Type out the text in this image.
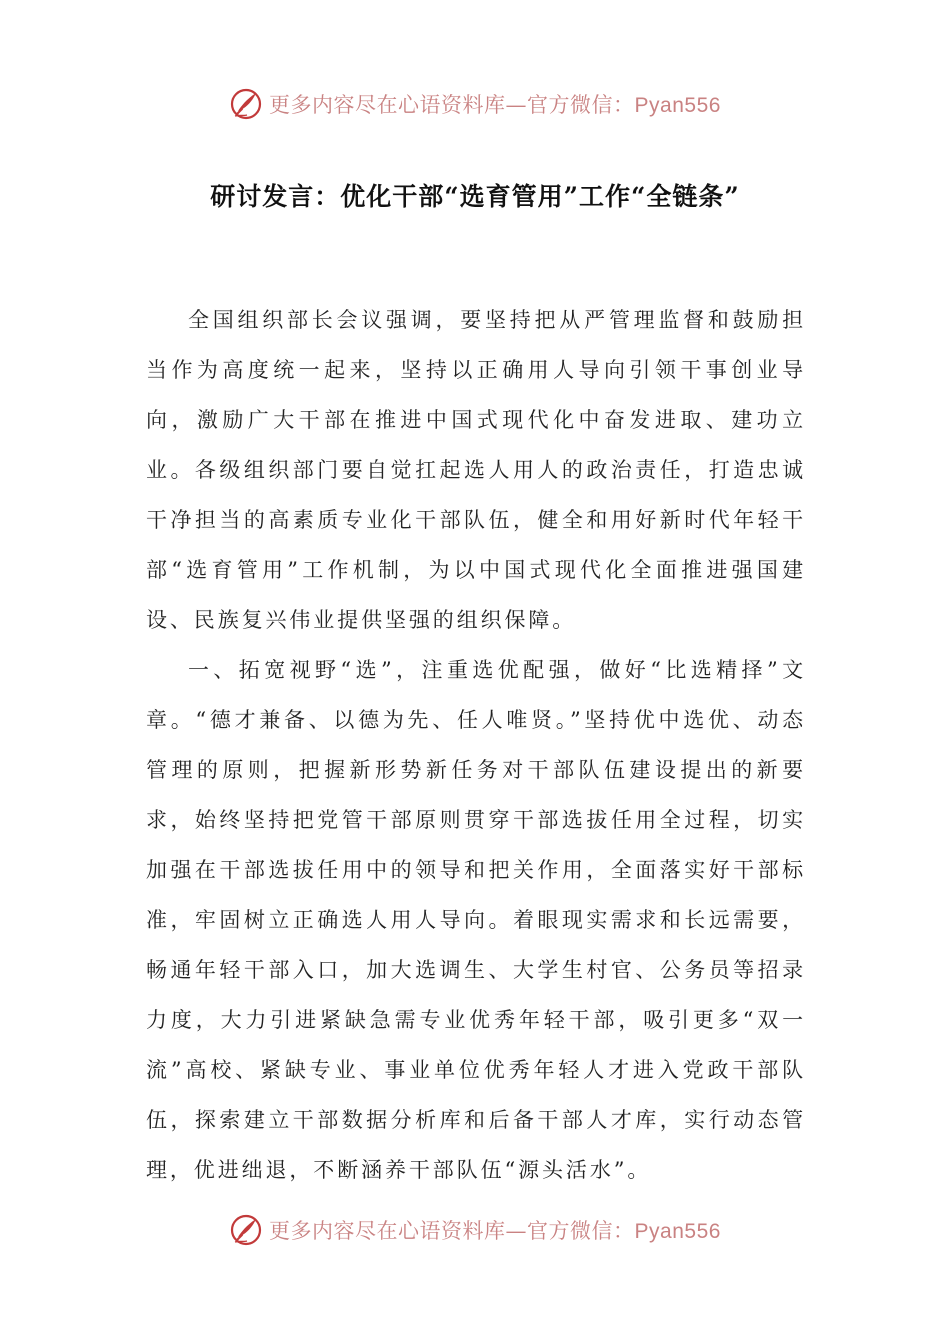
更多内容尽在心语资料库—官方微信：Pyan556
研讨发言：优化干部“选育管用”工作“全链条”

全国组织部长会议强调，要坚持把从严管理监督和鼓励担当作为高度统一起来，坚持以正确用人导向引领干事创业导向，激励广大干部在推进中国式现代化中奋发进取、建功立业。各级组织部门要自觉扛起选人用人的政治责任，打造忠诚干净担当的高素质专业化干部队伍，健全和用好新时代年轻干部“选育管用”工作机制，为以中国式现代化全面推进强国建设、民族复兴伟业提供坚强的组织保障。

一、拓宽视野“选”，注重选优配强，做好“比选精择”文章。“德才兼备、以德为先、任人唯贤。”坚持优中选优、动态管理的原则，把握新形势新任务对干部队伍建设提出的新要求，始终坚持把党管干部原则贯穿干部选拔任用全过程，切实加强在干部选拔任用中的领导和把关作用，全面落实好干部标准，牢固树立正确选人用人导向。着眼现实需求和长远需要，畅通年轻干部入口，加大选调生、大学生村官、公务员等招录力度，大力引进紧缺急需专业优秀年轻干部，吸引更多“双一流”高校、紧缺专业、事业单位优秀年轻人才进入党政干部队伍，探索建立干部数据分析库和后备干部人才库，实行动态管理，优进绌退，不断涵养干部队伍“源头活水”。

更多内容尽在心语资料库—官方微信：Pyan556
